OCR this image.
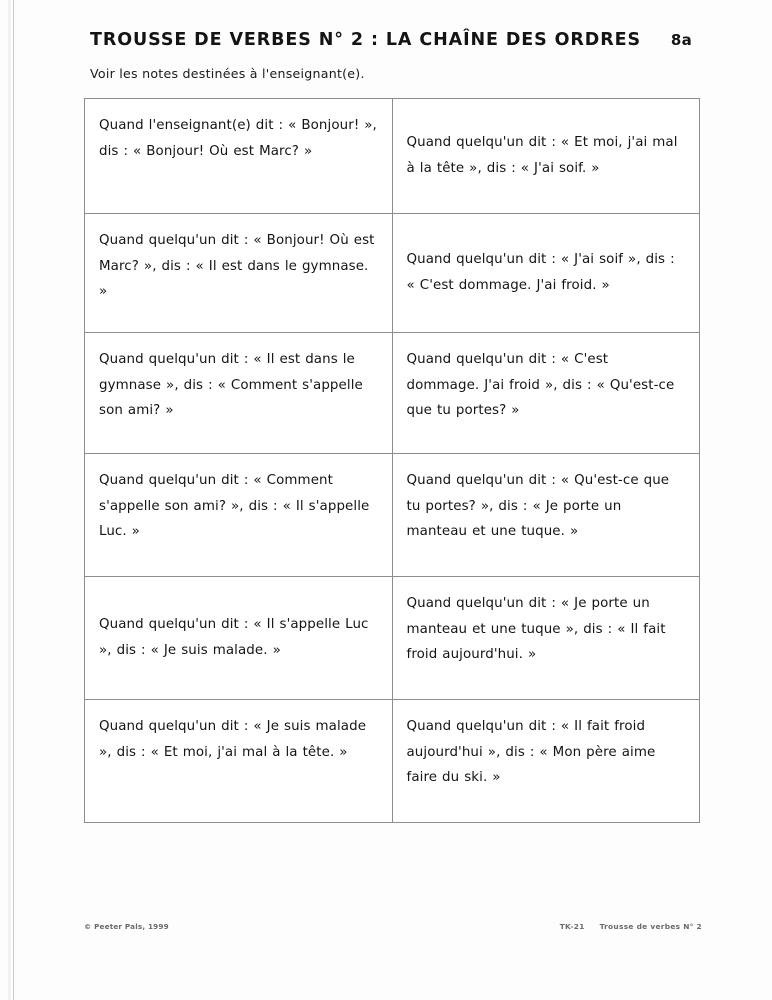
TROUSSE DE VERBES N° 2 : LA CHAÎNE DES ORDRES 8a
Voir les notes destinées à l'enseignant(e).
Quand l'enseignant(e) dit : « Bonjour! », dis : « Bonjour! Où est Marc? »	Quand quelqu'un dit : « Et moi, j'ai mal à la tête », dis : « J'ai soif. »

Quand quelqu'un dit : « Bonjour! Où est Marc? », dis : « Il est dans le gymnase. »	Quand quelqu'un dit : « J'ai soif », dis : « C'est dommage. J'ai froid. »

Quand quelqu'un dit : « Il est dans le gymnase », dis : « Comment s'appelle son ami? »	Quand quelqu'un dit : « C'est dommage. J'ai froid », dis : « Qu'est-ce que tu portes? »

Quand quelqu'un dit : « Comment s'appelle son ami? », dis : « Il s'appelle Luc. »	Quand quelqu'un dit : « Qu'est-ce que tu portes? », dis : « Je porte un manteau et une tuque. »

Quand quelqu'un dit : « Il s'appelle Luc », dis : « Je suis malade. »	Quand quelqu'un dit : « Je porte un manteau et une tuque », dis : « Il fait froid aujourd'hui. »

Quand quelqu'un dit : « Je suis malade », dis : « Et moi, j'ai mal à la tête. »	Quand quelqu'un dit : « Il fait froid aujourd'hui », dis : « Mon père aime faire du ski. »
© Peeter Pals, 1999	TK-21 Trousse de verbes N° 2
